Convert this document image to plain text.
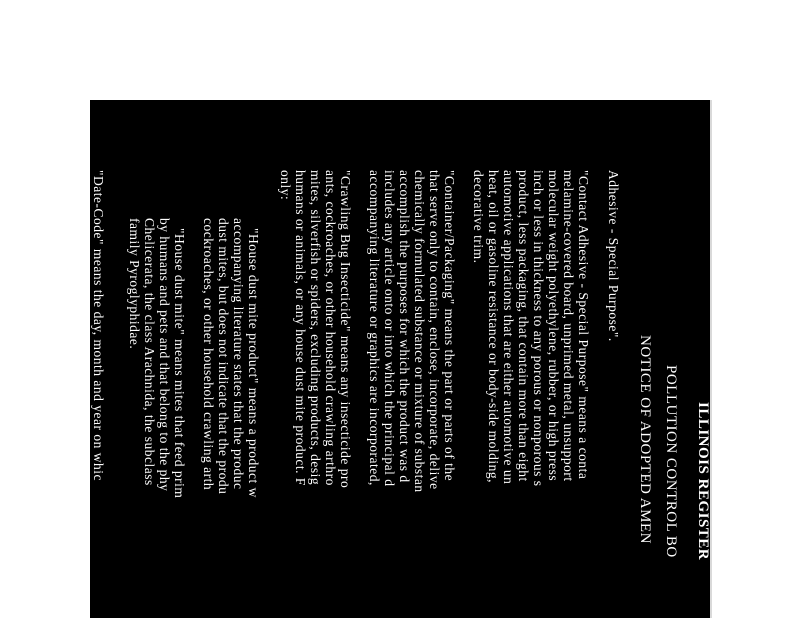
ILLINOIS REGISTER
POLLUTION CONTROL BO
NOTICE OF ADOPTED AMEN
Adhesive - Special Purpose".
"Contact Adhesive - Special Purpose" means a conta
melamine-covered board, unprimed metal, unsupport
molecular weight polyethylene, rubber, or high press
inch or less in thickness to any porous or nonporous s
product, less packaging, that contain more than eight
automotive applications that are either automotive un
heat, oil or gasoline resistance or body-side molding,
decorative trim.
"Container/Packaging" means the part or parts of the
that serve only to contain, enclose, incorporate, delive
chemically formulated substance or mixture of substan
accomplish the purposes for which the product was d
includes any article onto or into which the principal d
accompanying literature or graphics are incorporated,
"Crawling Bug Insecticide" means any insecticide pro
ants, cockroaches, or other household crawling arthro
mites, silverfish or spiders, excluding products, desig
humans or animals, or any house dust mite product. F
only:
"House dust mite product" means a product w
accompanying literature states that the produc
dust mites, but does not indicate that the produ
cockroaches, or other household crawling arth
"House dust mite" means mites that feed prim
by humans and pets and that belong to the phy
Chelicerata, the class Arachnida, the subclass
family Pyroglyphidae.
"Date-Code" means the day, month and year on whic
manufactured, filled, or packaged, or a code indicatin
"Deodorant" means:
For products manufactured before July 1, 2009
